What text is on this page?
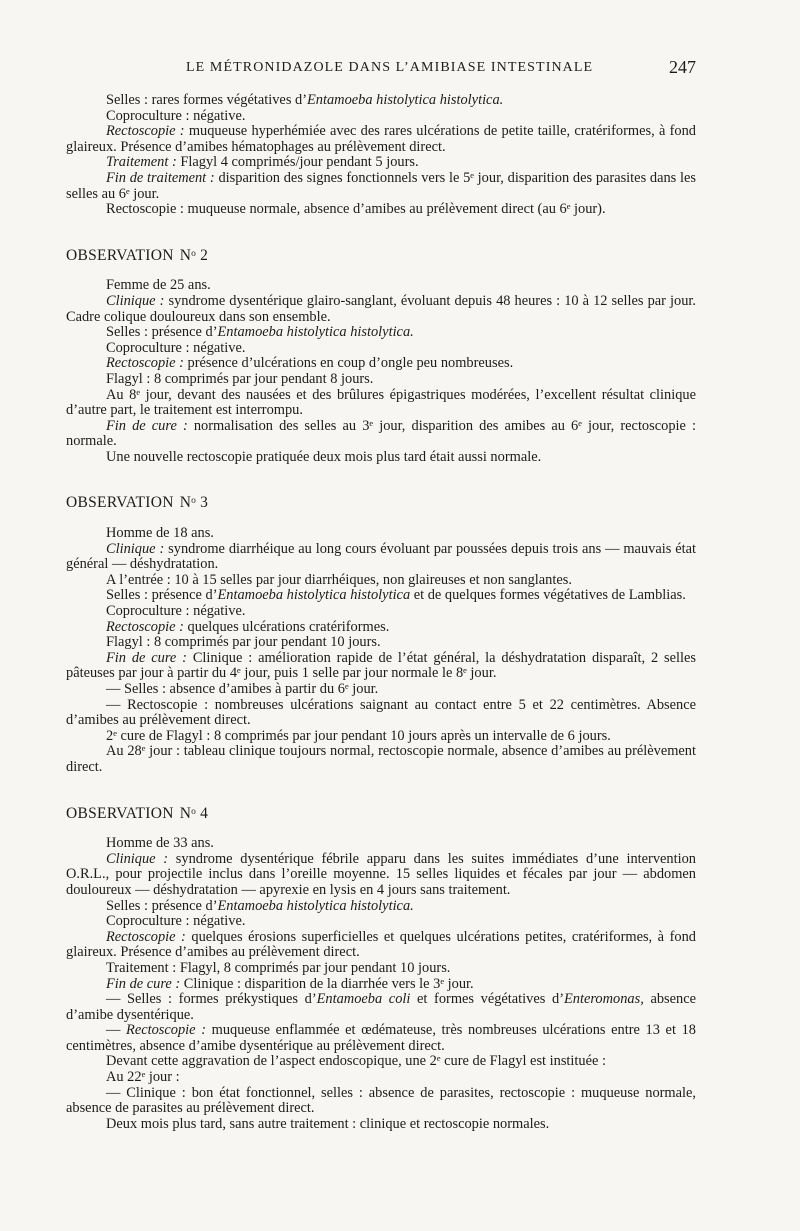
LE MÉTRONIDAZOLE DANS L’AMIBIASE INTESTINALE	247

Selles : rares formes végétatives d’Entamoeba histolytica histolytica.

Coproculture : négative.

Rectoscopie : muqueuse hyperhémiée avec des rares ulcérations de petite taille, cratériformes, à fond glaireux. Présence d’amibes hématophages au prélèvement direct.

Traitement : Flagyl 4 comprimés/jour pendant 5 jours.

Fin de traitement : disparition des signes fonctionnels vers le 5ᵉ jour, disparition des parasites dans les selles au 6ᵉ jour.

Rectoscopie : muqueuse normale, absence d’amibes au prélèvement direct (au 6ᵉ jour).

OBSERVATION Nᵒ 2

Femme de 25 ans.

Clinique : syndrome dysentérique glairo-sanglant, évoluant depuis 48 heures : 10 à 12 selles par jour. Cadre colique douloureux dans son ensemble.

Selles : présence d’Entamoeba histolytica histolytica.

Coproculture : négative.

Rectoscopie : présence d’ulcérations en coup d’ongle peu nombreuses.

Flagyl : 8 comprimés par jour pendant 8 jours.

Au 8ᵉ jour, devant des nausées et des brûlures épigastriques modérées, l’excellent résultat clinique d’autre part, le traitement est interrompu.

Fin de cure : normalisation des selles au 3ᵉ jour, disparition des amibes au 6ᵉ jour, rectoscopie : normale.

Une nouvelle rectoscopie pratiquée deux mois plus tard était aussi normale.

OBSERVATION Nᵒ 3

Homme de 18 ans.

Clinique : syndrome diarrhéique au long cours évoluant par poussées depuis trois ans — mauvais état général — déshydratation.

A l’entrée : 10 à 15 selles par jour diarrhéiques, non glaireuses et non sanglantes.

Selles : présence d’Entamoeba histolytica histolytica et de quelques formes végétatives de Lamblias.

Coproculture : négative.

Rectoscopie : quelques ulcérations cratériformes.

Flagyl : 8 comprimés par jour pendant 10 jours.

Fin de cure : Clinique : amélioration rapide de l’état général, la déshydratation disparaît, 2 selles pâteuses par jour à partir du 4ᵉ jour, puis 1 selle par jour normale le 8ᵉ jour.

— Selles : absence d’amibes à partir du 6ᵉ jour.

— Rectoscopie : nombreuses ulcérations saignant au contact entre 5 et 22 centimètres. Absence d’amibes au prélèvement direct.

2ᵉ cure de Flagyl : 8 comprimés par jour pendant 10 jours après un intervalle de 6 jours.

Au 28ᵉ jour : tableau clinique toujours normal, rectoscopie normale, absence d’amibes au prélèvement direct.

OBSERVATION Nᵒ 4

Homme de 33 ans.

Clinique : syndrome dysentérique fébrile apparu dans les suites immédiates d’une intervention O.R.L., pour projectile inclus dans l’oreille moyenne. 15 selles liquides et fécales par jour — abdomen douloureux — déshydratation — apyrexie en lysis en 4 jours sans traitement.

Selles : présence d’Entamoeba histolytica histolytica.

Coproculture : négative.

Rectoscopie : quelques érosions superficielles et quelques ulcérations petites, cratériformes, à fond glaireux. Présence d’amibes au prélèvement direct.

Traitement : Flagyl, 8 comprimés par jour pendant 10 jours.

Fin de cure : Clinique : disparition de la diarrhée vers le 3ᵉ jour.

— Selles : formes prékystiques d’Entamoeba coli et formes végétatives d’Enteromonas, absence d’amibe dysentérique.

— Rectoscopie : muqueuse enflammée et œdémateuse, très nombreuses ulcérations entre 13 et 18 centimètres, absence d’amibe dysentérique au prélèvement direct.

Devant cette aggravation de l’aspect endoscopique, une 2ᵉ cure de Flagyl est instituée :

Au 22ᵉ jour :

— Clinique : bon état fonctionnel, selles : absence de parasites, rectoscopie : muqueuse normale, absence de parasites au prélèvement direct.

Deux mois plus tard, sans autre traitement : clinique et rectoscopie normales.
